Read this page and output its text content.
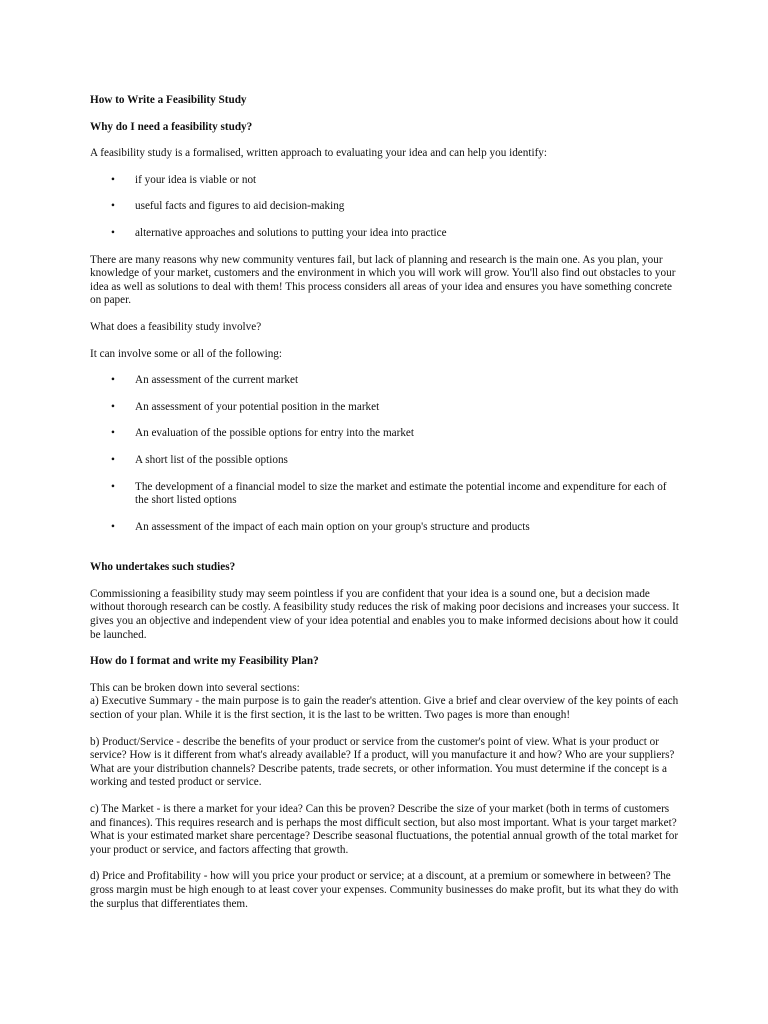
How to Write a Feasibility Study
Why do I need a feasibility study?

A feasibility study is a formalised, written approach to evaluating your idea and can help you identify:

• if your idea is viable or not
• useful facts and figures to aid decision-making
• alternative approaches and solutions to putting your idea into practice

There are many reasons why new community ventures fail, but lack of planning and research is the main one. As you plan, your knowledge of your market, customers and the environment in which you will work will grow. You'll also find out obstacles to your idea as well as solutions to deal with them! This process considers all areas of your idea and ensures you have something concrete on paper.

What does a feasibility study involve?

It can involve some or all of the following:

• An assessment of the current market
• An assessment of your potential position in the market
• An evaluation of the possible options for entry into the market
• A short list of the possible options
• The development of a financial model to size the market and estimate the potential income and expenditure for each of the short listed options
• An assessment of the impact of each main option on your group's structure and products
Who undertakes such studies?

Commissioning a feasibility study may seem pointless if you are confident that your idea is a sound one, but a decision made without thorough research can be costly. A feasibility study reduces the risk of making poor decisions and increases your success. It gives you an objective and independent view of your idea potential and enables you to make informed decisions about how it could be launched.

How do I format and write my Feasibility Plan?

This can be broken down into several sections:

a) Executive Summary - the main purpose is to gain the reader's attention. Give a brief and clear overview of the key points of each section of your plan. While it is the first section, it is the last to be written. Two pages is more than enough!

b) Product/Service - describe the benefits of your product or service from the customer's point of view. What is your product or service? How is it different from what's already available? If a product, will you manufacture it and how? Who are your suppliers? What are your distribution channels? Describe patents, trade secrets, or other information. You must determine if the concept is a working and tested product or service.

c) The Market - is there a market for your idea? Can this be proven? Describe the size of your market (both in terms of customers and finances). This requires research and is perhaps the most difficult section, but also most important. What is your target market? What is your estimated market share percentage? Describe seasonal fluctuations, the potential annual growth of the total market for your product or service, and factors affecting that growth.

d) Price and Profitability - how will you price your product or service; at a discount, at a premium or somewhere in between? The gross margin must be high enough to at least cover your expenses. Community businesses do make profit, but its what they do with the surplus that differentiates them.
